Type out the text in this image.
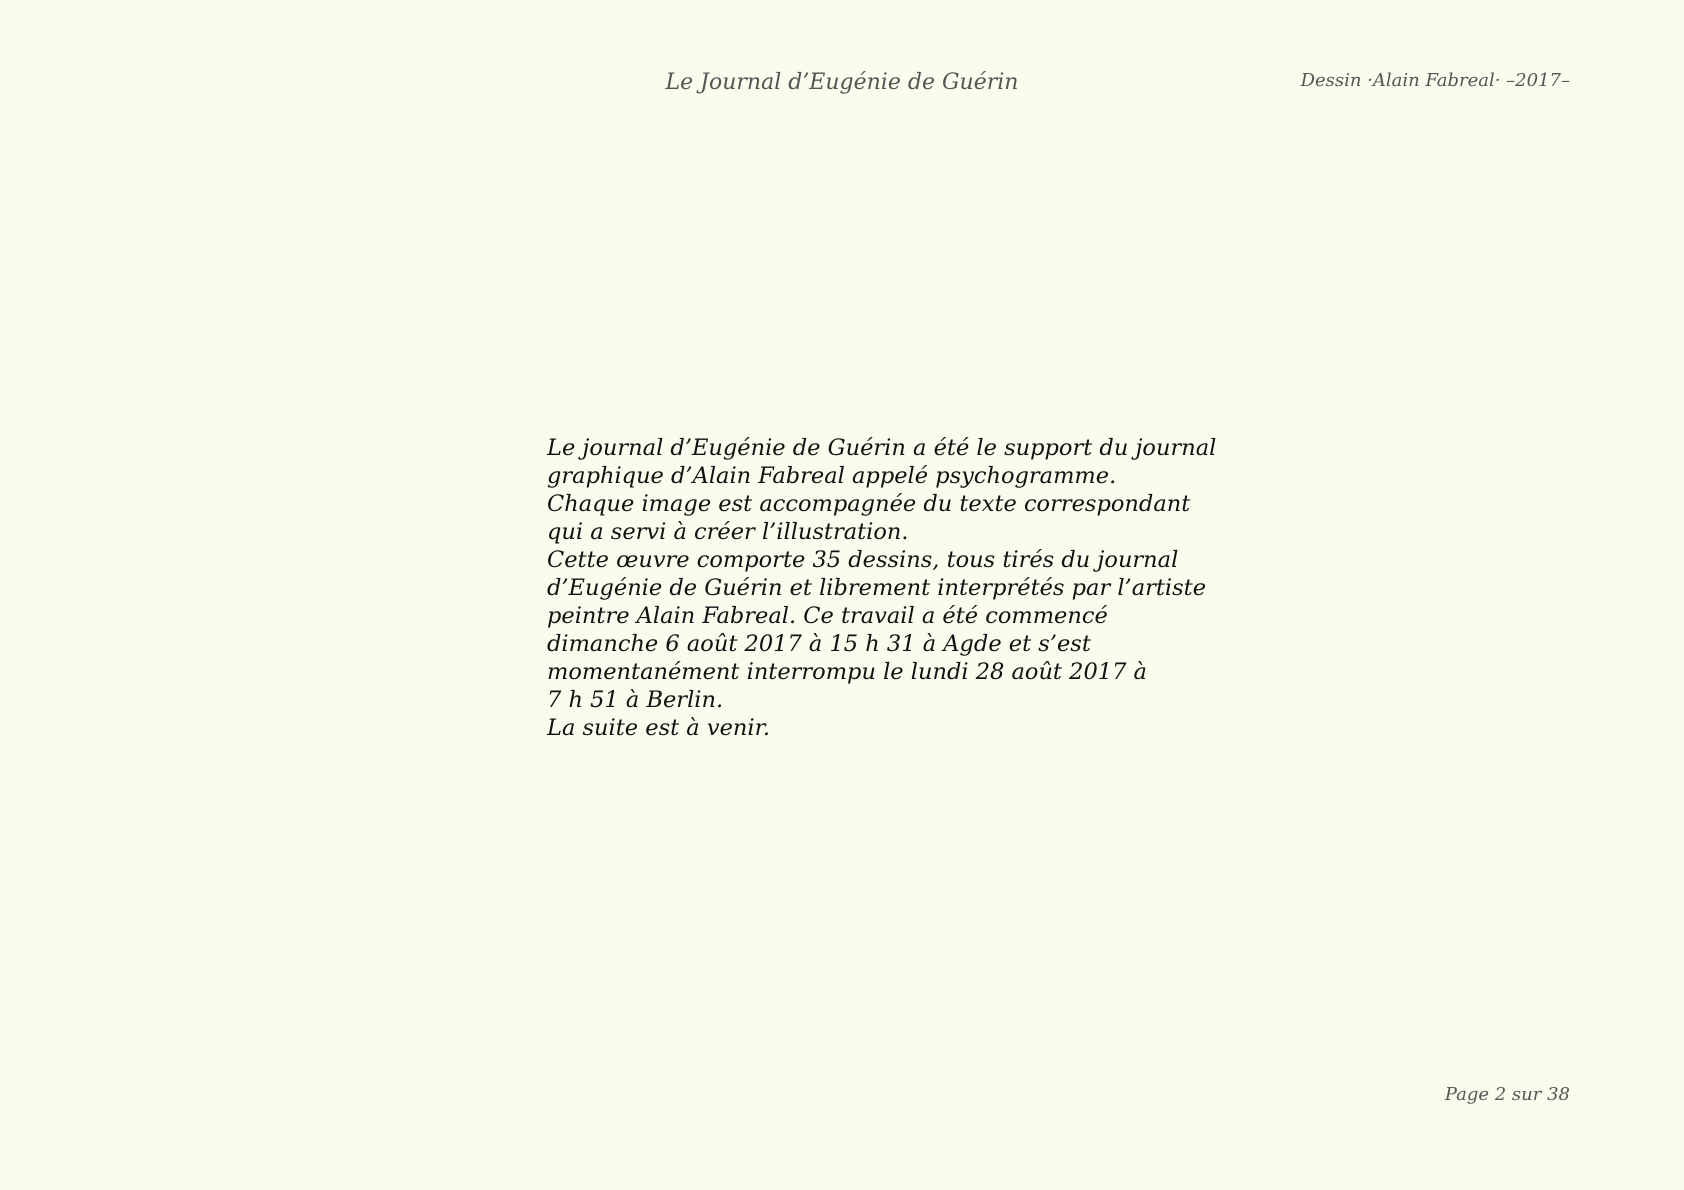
Le Journal d’Eugénie de Guérin	Dessin ·Alain Fabreal· –2017–
Le journal d’Eugénie de Guérin a été le support du journal
graphique d’Alain Fabreal appelé psychogramme.
Chaque image est accompagnée du texte correspondant
qui a servi à créer l’illustration.
Cette œuvre comporte 35 dessins, tous tirés du journal
d’Eugénie de Guérin et librement interprétés par l’artiste
peintre Alain Fabreal. Ce travail a été commencé
dimanche 6 août 2017 à 15 h 31 à Agde et s’est
momentanément interrompu le lundi 28 août 2017 à
7 h 51 à Berlin.
La suite est à venir.
Page 2 sur 38
